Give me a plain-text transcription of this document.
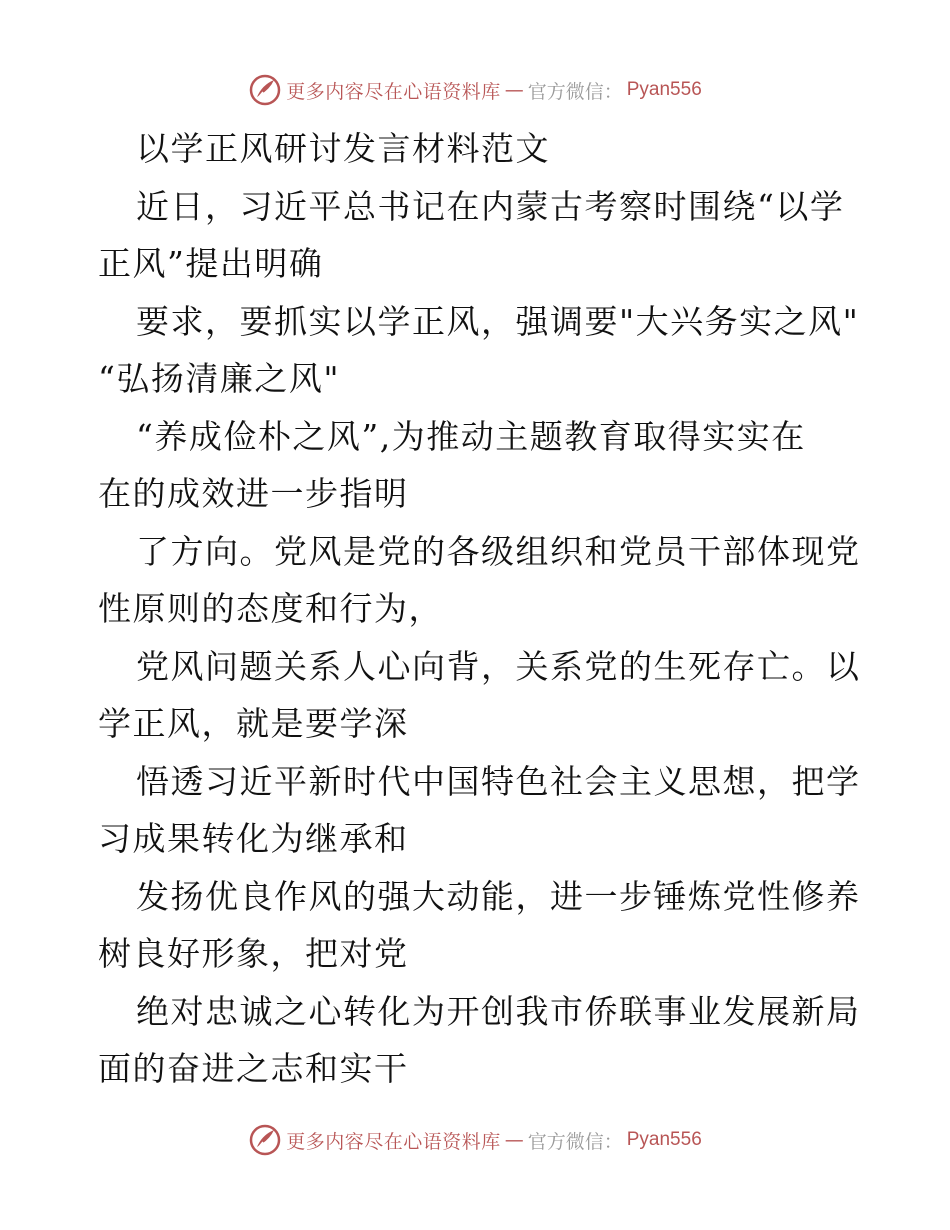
更多内容尽在心语资料库 — 官方微信： Pyan556
以学正风研讨发言材料范文
近日，习近平总书记在内蒙古考察时围绕“以学
正风”提出明确
要求，要抓实以学正风，强调要"大兴务实之风"
“弘扬清廉之风"
“养成俭朴之风”,为推动主题教育取得实实在
在的成效进一步指明
了方向。党风是党的各级组织和党员干部体现党
性原则的态度和行为，
党风问题关系人心向背，关系党的生死存亡。以
学正风，就是要学深
悟透习近平新时代中国特色社会主义思想，把学
习成果转化为继承和
发扬优良作风的强大动能，进一步锤炼党性修养
树良好形象，把对党
绝对忠诚之心转化为开创我市侨联事业发展新局
面的奋进之志和实干
更多内容尽在心语资料库 — 官方微信： Pyan556
